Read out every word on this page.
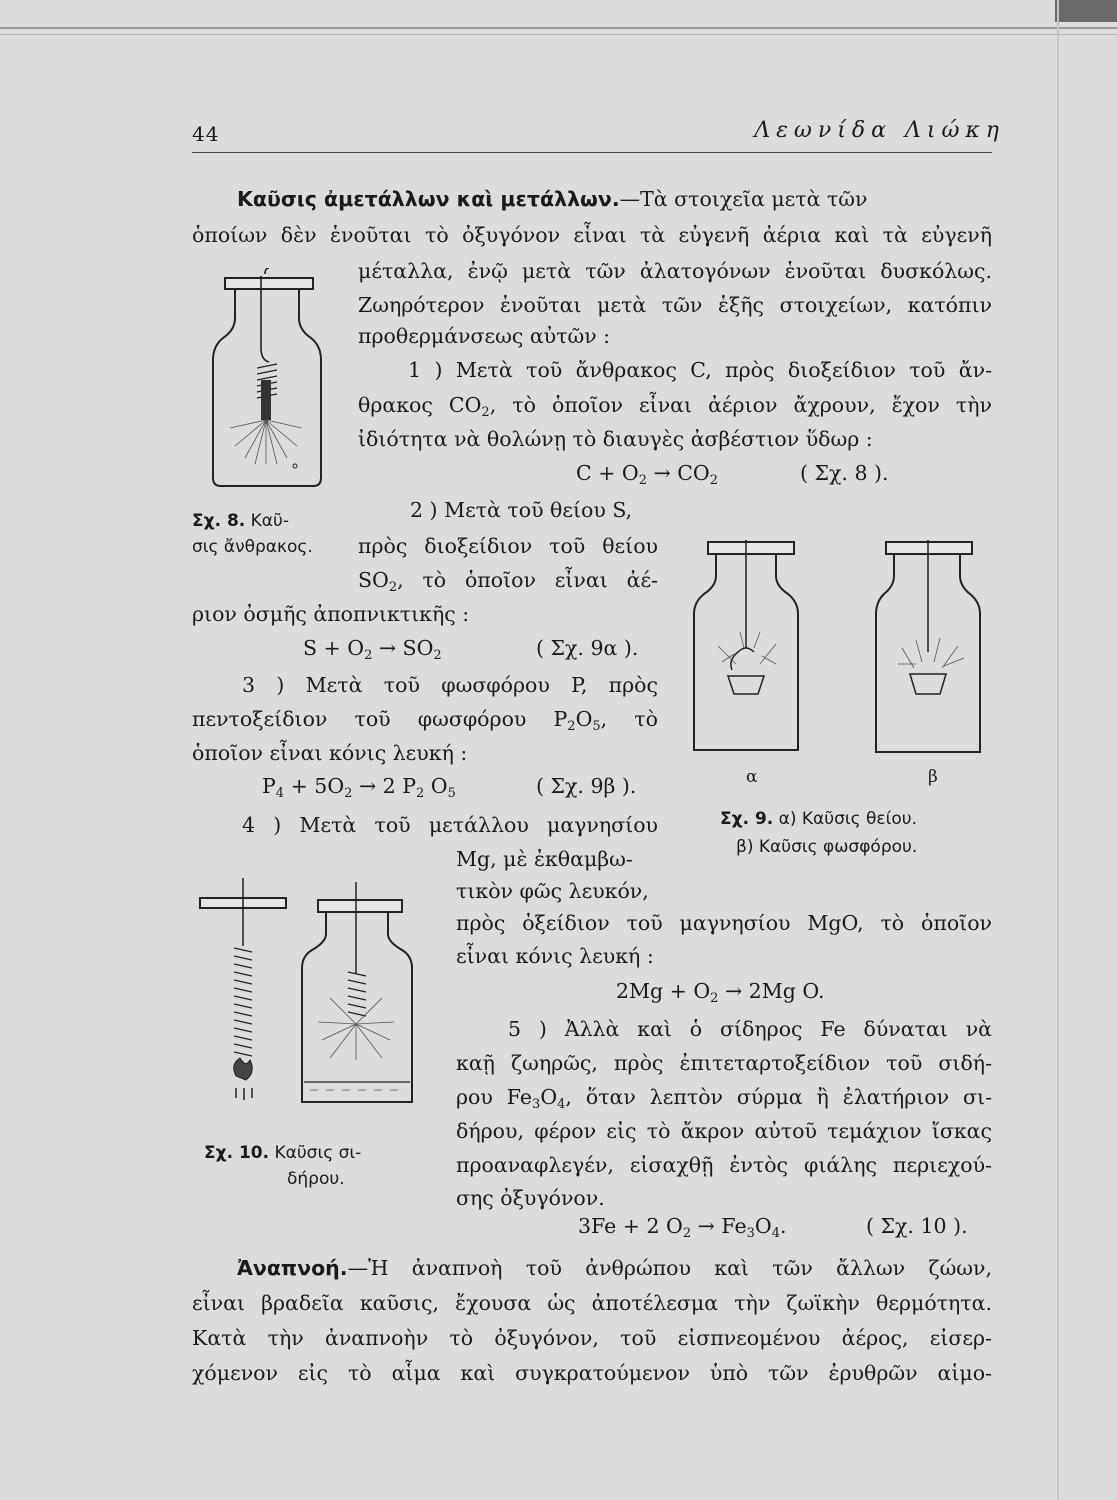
44	Λεωνίδα Λιώκη
Καῦσις ἀμετάλλων καὶ μετάλλων.—Τὰ στοιχεῖα μετὰ τῶν
ὁποίων δὲν ἑνοῦται τὸ ὀξυγόνον εἶναι τὰ εὐγενῆ ἀέρια καὶ τὰ εὐγενῆ
μέταλλα, ἐνῷ μετὰ τῶν ἀλατογόνων ἑνοῦται δυσκόλως.
Ζωηρότερον ἑνοῦται μετὰ τῶν ἑξῆς στοιχείων, κατόπιν
προθερμάνσεως αὐτῶν :
1 ) Μετὰ τοῦ ἄνθρακος C, πρὸς διοξείδιον τοῦ ἄν-
θρακος $CO_2$, τὸ ὁποῖον εἶναι ἀέριον ἄχρουν, ἔχον τὴν
ἰδιότητα νὰ θολώνῃ τὸ διαυγὲς ἀσβέστιον ὕδωρ :
$C + O_2 \to CO_2$	( Σχ. 8 ).
2 ) Μετὰ τοῦ θείου S,
πρὸς διοξείδιον τοῦ θείου
$SO_2$, τὸ ὁποῖον εἶναι ἀέ-
ριον ὀσμῆς ἀποπνικτικῆς :
$S + O_2 \to SO_2$	( Σχ. 9α ).
3 ) Μετὰ τοῦ φωσφόρου P, πρὸς
πεντοξείδιον τοῦ φωσφόρου $P_2O_5$, τὸ
ὁποῖον εἶναι κόνις λευκή :
$P_4 + 5O_2 \to 2$ $P_2$ $O_5$	( Σχ. 9β ).
4 ) Μετὰ τοῦ μετάλλου μαγνησίου
Mg, μὲ ἐκθαμβω-
τικὸν φῶς λευκόν,
πρὸς ὀξείδιον τοῦ μαγνησίου MgO, τὸ ὁποῖον
εἶναι κόνις λευκή :
$2Mg + O_2 \to 2Mg$ O.
5 ) Ἀλλὰ καὶ ὁ σίδηρος Fe δύναται νὰ
καῇ ζωηρῶς, πρὸς ἐπιτεταρτοξείδιον τοῦ σιδή-
ρου $Fe_3O_4$, ὅταν λεπτὸν σύρμα ἢ ἐλατήριον σι-
δήρου, φέρον εἰς τὸ ἄκρον αὐτοῦ τεμάχιον ἴσκας
προαναφλεγέν, εἰσαχθῇ ἐντὸς φιάλης περιεχού-
σης ὀξυγόνον.
3Fe + 2 $O_2 \to Fe_3O_4$.	( Σχ. 10 ).
Ἀναπνοή.—Ἡ ἀναπνοὴ τοῦ ἀνθρώπου καὶ τῶν ἄλλων ζώων,
εἶναι βραδεῖα καῦσις, ἔχουσα ὡς ἀποτέλεσμα τὴν ζωϊκὴν θερμότητα.
Κατὰ τὴν ἀναπνοὴν τὸ ὀξυγόνον, τοῦ εἰσπνεομένου ἀέρος, εἰσερ-
χόμενον εἰς τὸ αἷμα καὶ συγκρατούμενον ὑπὸ τῶν ἐρυθρῶν αἱμο-
Σχ. 8. Καῦ-
σις ἄνθρακος.
α	β
Σχ. 9. α) Καῦσις θείου.
β) Καῦσις φωσφόρου.
Σχ. 10. Καῦσις σι-
δήρου.
